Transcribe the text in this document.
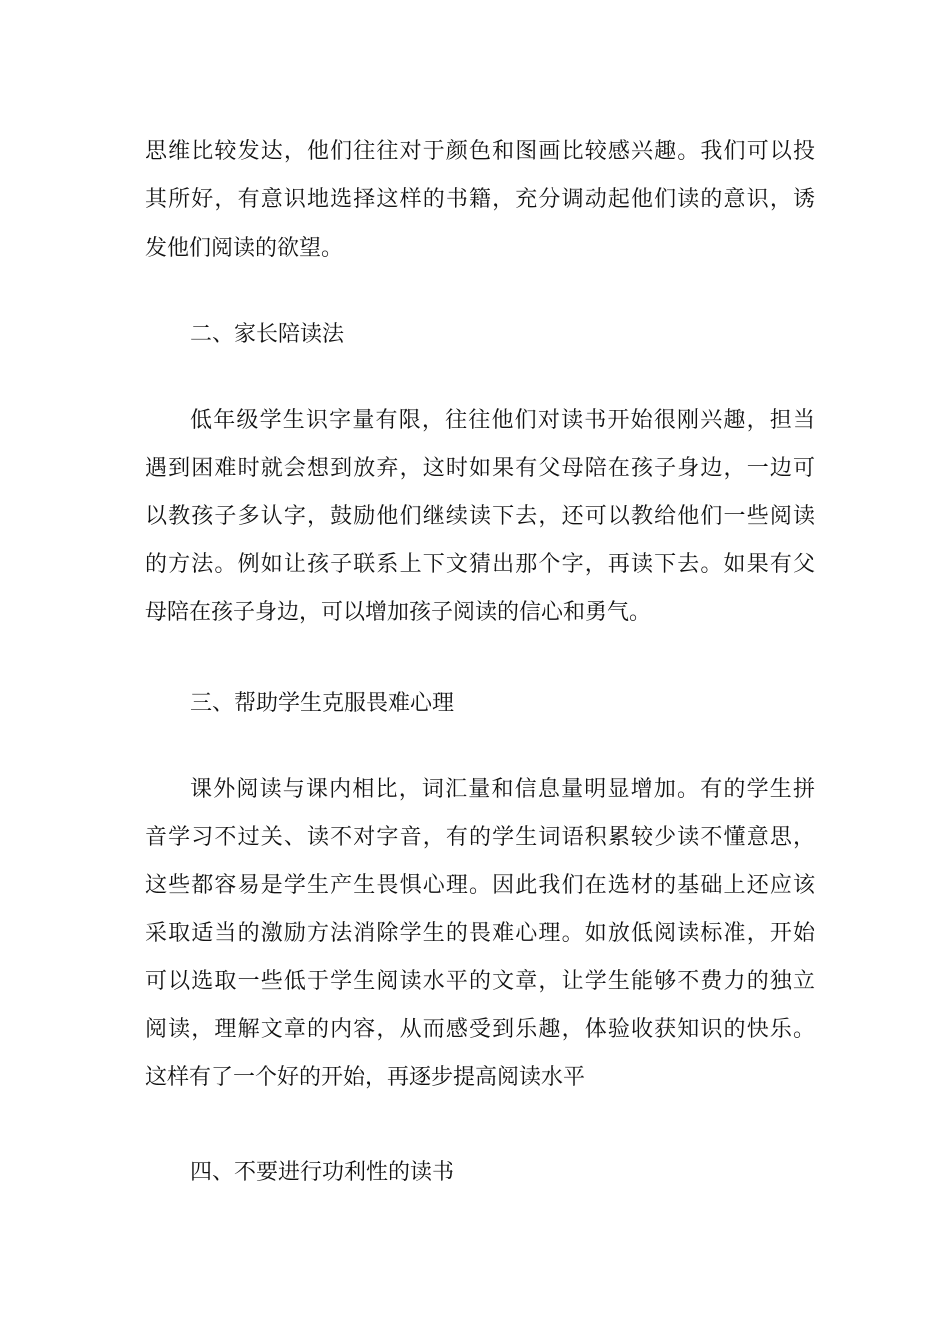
思维比较发达，他们往往对于颜色和图画比较感兴趣。我们可以投
其所好，有意识地选择这样的书籍，充分调动起他们读的意识，诱
发他们阅读的欲望。
二、家长陪读法
低年级学生识字量有限，往往他们对读书开始很刚兴趣，担当
遇到困难时就会想到放弃，这时如果有父母陪在孩子身边，一边可
以教孩子多认字，鼓励他们继续读下去，还可以教给他们一些阅读
的方法。例如让孩子联系上下文猜出那个字，再读下去。如果有父
母陪在孩子身边，可以增加孩子阅读的信心和勇气。
三、帮助学生克服畏难心理
课外阅读与课内相比，词汇量和信息量明显增加。有的学生拼
音学习不过关、读不对字音，有的学生词语积累较少读不懂意思，
这些都容易是学生产生畏惧心理。因此我们在选材的基础上还应该
采取适当的激励方法消除学生的畏难心理。如放低阅读标准，开始
可以选取一些低于学生阅读水平的文章，让学生能够不费力的独立
阅读，理解文章的内容，从而感受到乐趣，体验收获知识的快乐。
这样有了一个好的开始，再逐步提高阅读水平
四、不要进行功利性的读书
